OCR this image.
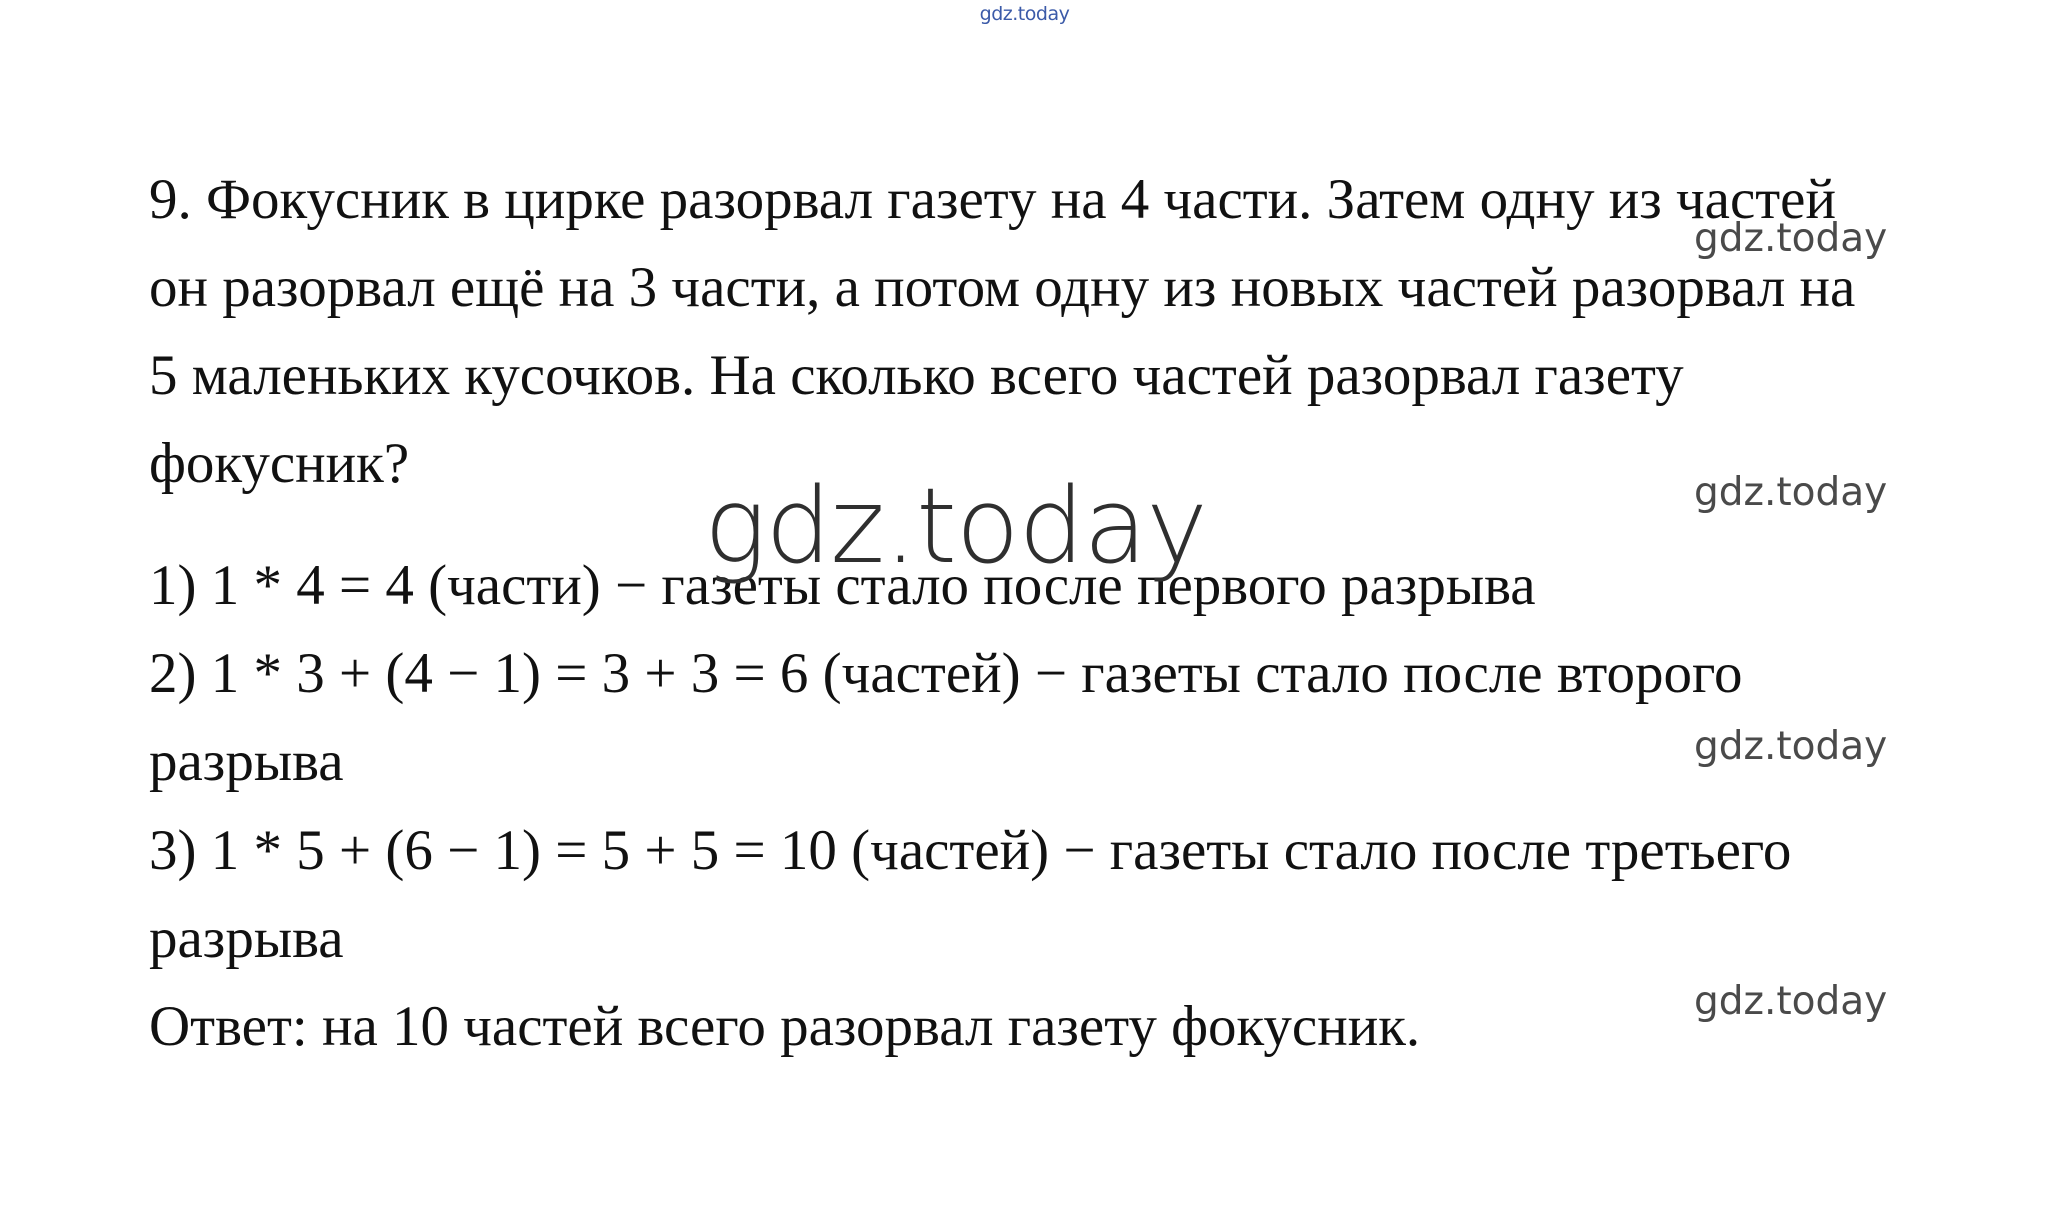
gdz.today
9. Фокусник в цирке разорвал газету на 4 части. Затем одну из частей
он разорвал ещё на 3 части, а потом одну из новых частей разорвал на
5 маленьких кусочков. На сколько всего частей разорвал газету
фокусник?
1) 1 * 4 = 4 (части) − газеты стало после первого разрыва
2) 1 * 3 + (4 − 1) = 3 + 3 = 6 (частей) − газеты стало после второго
разрыва
3) 1 * 5 + (6 − 1) = 5 + 5 = 10 (частей) − газеты стало после третьего
разрыва
Ответ: на 10 частей всего разорвал газету фокусник.
gdz.today
gdz.today
gdz.today
gdz.today
gdz.today
